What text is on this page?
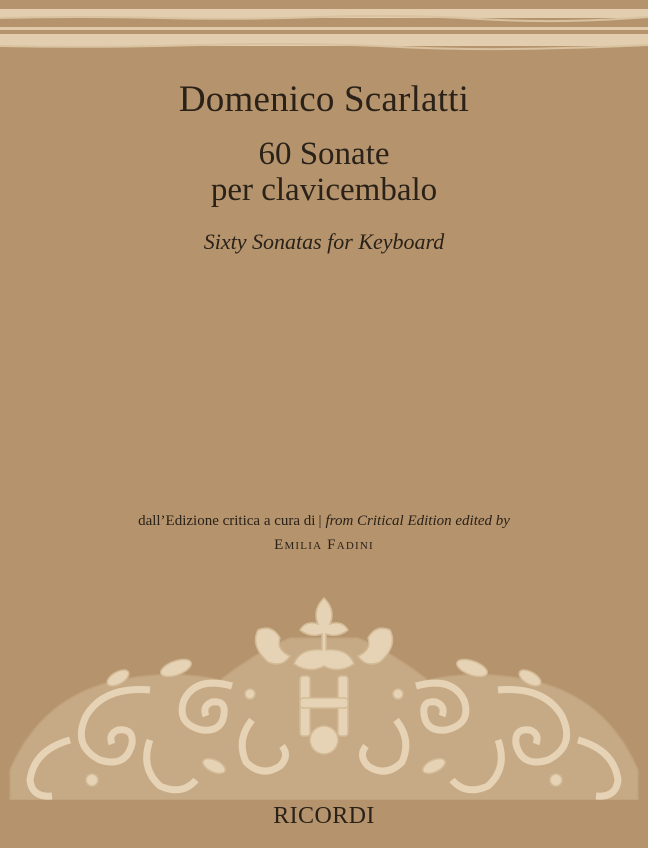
Domenico Scarlatti
60 Sonate
per clavicembalo
Sixty Sonatas for Keyboard
dall’Edizione critica a cura di | from Critical Edition edited by
Emilia Fadini
RICORDI
